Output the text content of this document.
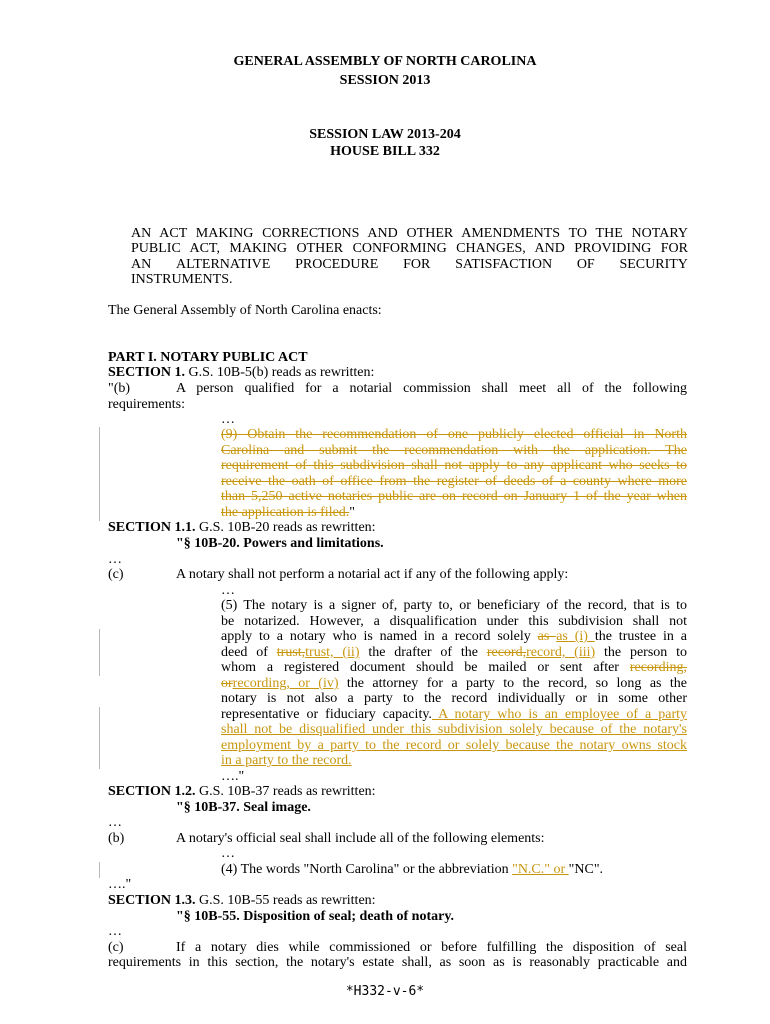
GENERAL ASSEMBLY OF NORTH CAROLINA
SESSION 2013
SESSION LAW 2013-204
HOUSE BILL 332
AN ACT MAKING CORRECTIONS AND OTHER AMENDMENTS TO THE NOTARY
PUBLIC ACT, MAKING OTHER CONFORMING CHANGES, AND PROVIDING FOR
AN ALTERNATIVE PROCEDURE FOR SATISFACTION OF SECURITY
INSTRUMENTS.
The General Assembly of North Carolina enacts:
PART I. NOTARY PUBLIC ACT
SECTION 1. G.S. 10B-5(b) reads as rewritten:
"(b)	A person qualified for a notarial commission shall meet all of the following
requirements:
…
(9) Obtain the recommendation of one publicly elected official in North
Carolina and submit the recommendation with the application. The
requirement of this subdivision shall not apply to any applicant who seeks to
receive the oath of office from the register of deeds of a county where more
than 5,250 active notaries public are on record on January 1 of the year when
the application is filed."
SECTION 1.1. G.S. 10B-20 reads as rewritten:
"§ 10B-20. Powers and limitations.
…
(c)	A notary shall not perform a notarial act if any of the following apply:
…
(5) The notary is a signer of, party to, or beneficiary of the record, that is to
be notarized. However, a disqualification under this subdivision shall not
apply to a notary who is named in a record solely as as (i) the trustee in a
deed of trust,trust, (ii) the drafter of the record,record, (iii) the person to
whom a registered document should be mailed or sent after recording,
orrecording, or (iv) the attorney for a party to the record, so long as the
notary is not also a party to the record individually or in some other
representative or fiduciary capacity. A notary who is an employee of a party
shall not be disqualified under this subdivision solely because of the notary's
employment by a party to the record or solely because the notary owns stock
in a party to the record.
…."
SECTION 1.2. G.S. 10B-37 reads as rewritten:
"§ 10B-37. Seal image.
…
(b)	A notary's official seal shall include all of the following elements:
…
(4) The words "North Carolina" or the abbreviation "N.C." or "NC".
…."
SECTION 1.3. G.S. 10B-55 reads as rewritten:
"§ 10B-55. Disposition of seal; death of notary.
…
(c)	If a notary dies while commissioned or before fulfilling the disposition of seal
requirements in this section, the notary's estate shall, as soon as is reasonably practicable and
*H332-v-6*
